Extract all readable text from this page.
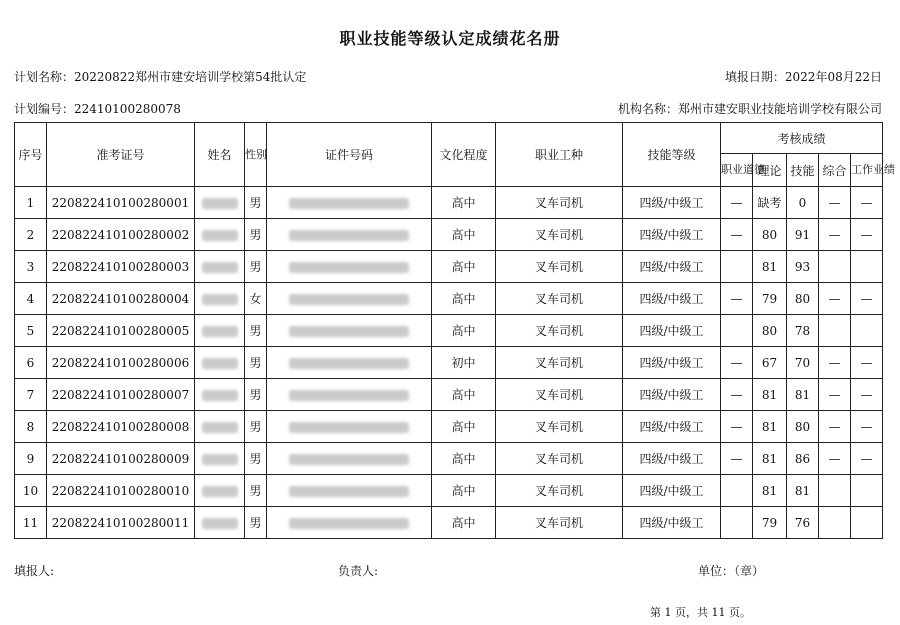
职业技能等级认定成绩花名册
计划名称：20220822郑州市建安培训学校第54批认定	填报日期：2022年08月22日
计划编号：22410100280078	机构名称：郑州市建安职业技能培训学校有限公司
序号	准考证号	姓名	性别	证件号码	文化程度	职业工种	技能等级	考核成绩				
								职业道德	理论	技能	综合	工作业绩
1	220822410100280001		男		高中	叉车司机	四级/中级工	—	缺考	0	—	—
2	220822410100280002		男		高中	叉车司机	四级/中级工	—	80	91	—	—
3	220822410100280003		男		高中	叉车司机	四级/中级工		81	93		
4	220822410100280004		女		高中	叉车司机	四级/中级工	—	79	80	—	—
5	220822410100280005		男		高中	叉车司机	四级/中级工		80	78		
6	220822410100280006		男		初中	叉车司机	四级/中级工	—	67	70	—	—
7	220822410100280007		男		高中	叉车司机	四级/中级工	—	81	81	—	—
8	220822410100280008		男		高中	叉车司机	四级/中级工	—	81	80	—	—
9	220822410100280009		男		高中	叉车司机	四级/中级工	—	81	86	—	—
10	220822410100280010		男		高中	叉车司机	四级/中级工		81	81		
11	220822410100280011		男		高中	叉车司机	四级/中级工		79	76		
填报人:	负责人:	单位：（章）
第 1 页，共 11 页。
